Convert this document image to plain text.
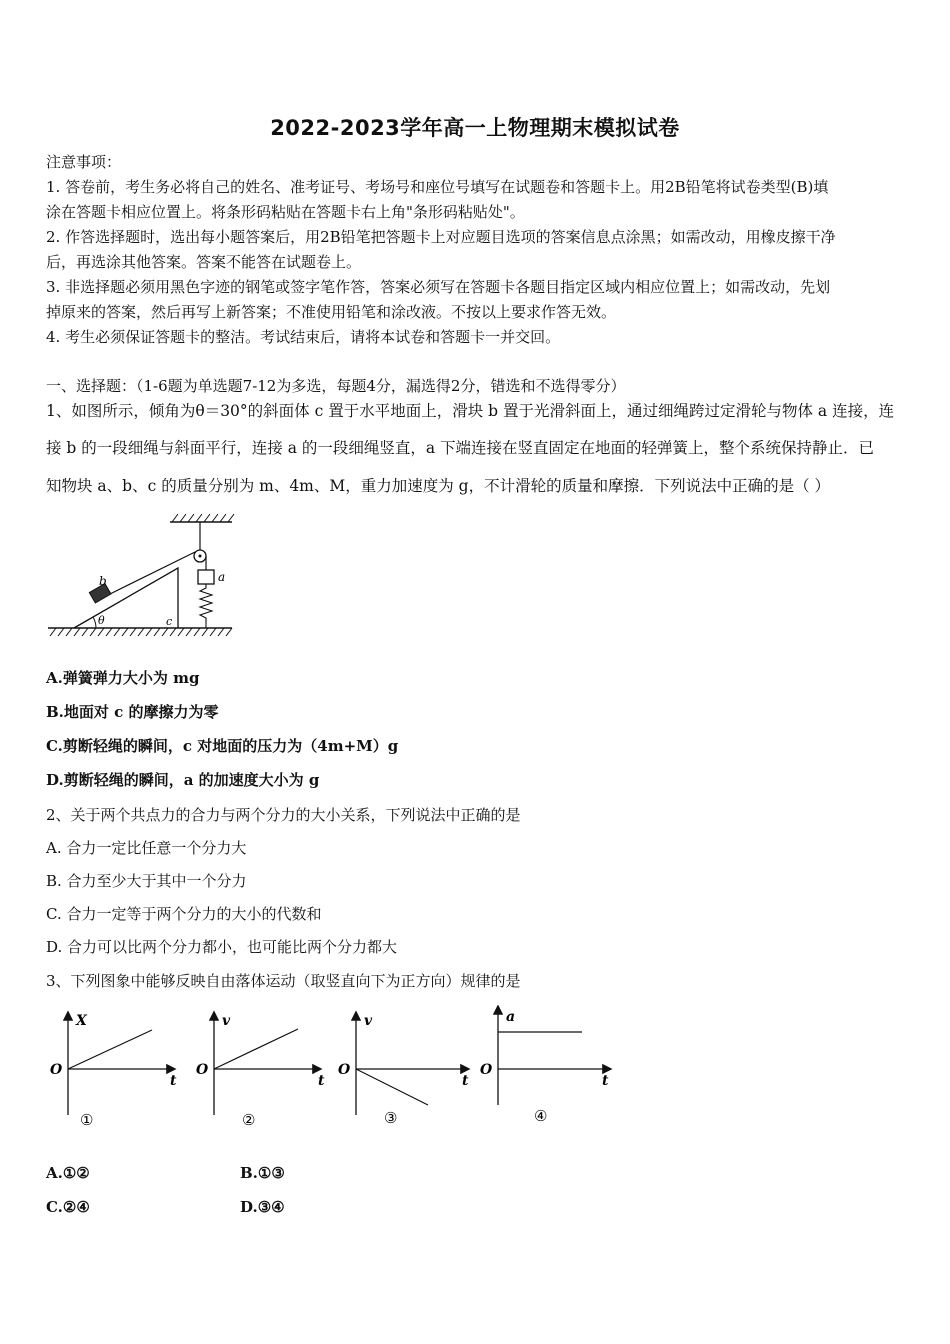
2022-2023学年高一上物理期末模拟试卷
注意事项：
1. 答卷前，考生务必将自己的姓名、准考证号、考场号和座位号填写在试题卷和答题卡上。用2B铅笔将试卷类型(B)填
涂在答题卡相应位置上。将条形码粘贴在答题卡右上角"条形码粘贴处"。
2. 作答选择题时，选出每小题答案后，用2B铅笔把答题卡上对应题目选项的答案信息点涂黑；如需改动，用橡皮擦干净
后，再选涂其他答案。答案不能答在试题卷上。
3. 非选择题必须用黑色字迹的钢笔或签字笔作答，答案必须写在答题卡各题目指定区域内相应位置上；如需改动，先划
掉原来的答案，然后再写上新答案；不准使用铅笔和涂改液。不按以上要求作答无效。
4. 考生必须保证答题卡的整洁。考试结束后，请将本试卷和答题卡一并交回。
一、选择题：（1-6题为单选题7-12为多选，每题4分，漏选得2分，错选和不选得零分）
1、如图所示，倾角为θ＝30°的斜面体 c 置于水平地面上，滑块 b 置于光滑斜面上，通过细绳跨过定滑轮与物体 a 连接，连
接 b 的一段细绳与斜面平行，连接 a 的一段细绳竖直，a 下端连接在竖直固定在地面的轻弹簧上，整个系统保持静止．已
知物块 a、b、c 的质量分别为 m、4m、M，重力加速度为 g，不计滑轮的质量和摩擦．下列说法中正确的是（ ）
θ
b	a
c
A.弹簧弹力大小为 mg
B.地面对 c 的摩擦力为零
C.剪断轻绳的瞬间，c 对地面的压力为（4m+M）g
D.剪断轻绳的瞬间，a 的加速度大小为 g
2、关于两个共点力的合力与两个分力的大小关系，下列说法中正确的是
A. 合力一定比任意一个分力大
B. 合力至少大于其中一个分力
C. 合力一定等于两个分力的大小的代数和
D. 合力可以比两个分力都小，也可能比两个分力都大
3、下列图象中能够反映自由落体运动（取竖直向下为正方向）规律的是
X
t
O
①
v
t
O
②
v
t
O
③
a
t
O
④
A.①②	B.①③
C.②④	D.③④
